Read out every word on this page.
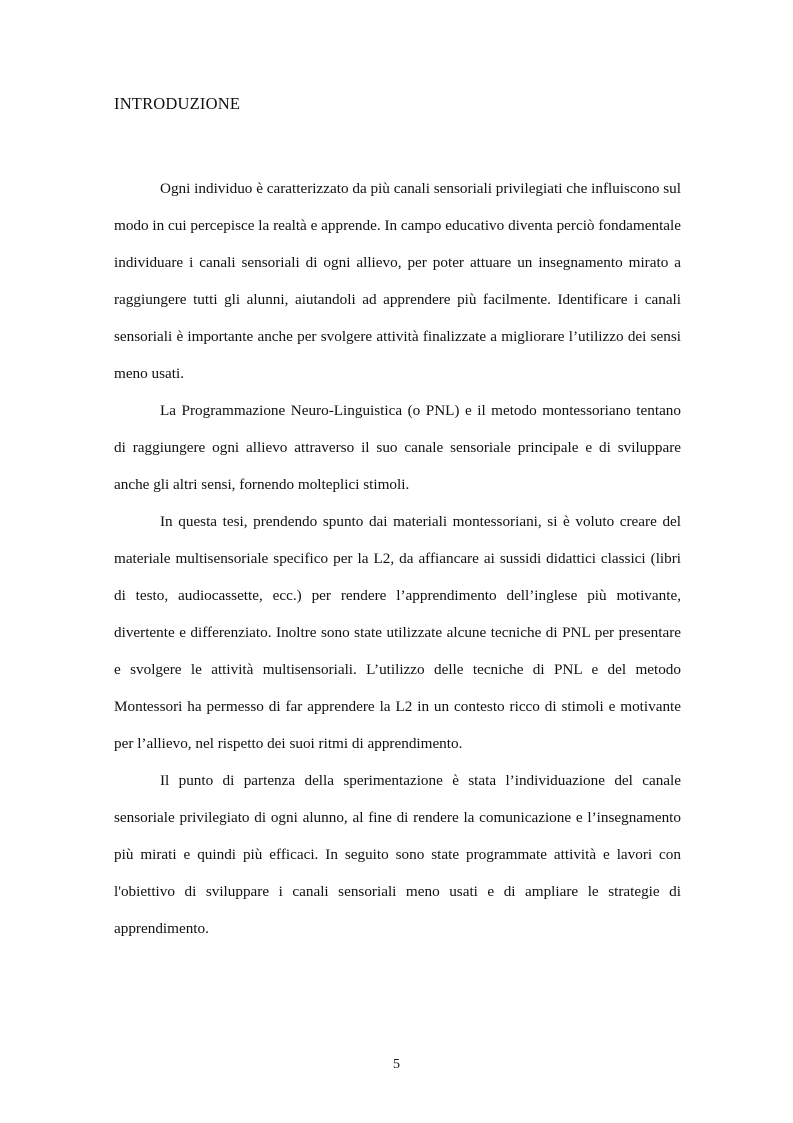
INTRODUZIONE

Ogni individuo è caratterizzato da più canali sensoriali privilegiati che influiscono sul modo in cui percepisce la realtà e apprende. In campo educativo diventa perciò fondamentale individuare i canali sensoriali di ogni allievo, per poter attuare un insegnamento mirato a raggiungere tutti gli alunni, aiutandoli ad apprendere più facilmente. Identificare i canali sensoriali è importante anche per svolgere attività finalizzate a migliorare l’utilizzo dei sensi meno usati.

La Programmazione Neuro-Linguistica (o PNL) e il metodo montessoriano tentano di raggiungere ogni allievo attraverso il suo canale sensoriale principale e di sviluppare anche gli altri sensi, fornendo molteplici stimoli.

In questa tesi, prendendo spunto dai materiali montessoriani, si è voluto creare del materiale multisensoriale specifico per la L2, da affiancare ai sussidi didattici classici (libri di testo, audiocassette, ecc.) per rendere l’apprendimento dell’inglese più motivante, divertente e differenziato. Inoltre sono state utilizzate alcune tecniche di PNL per presentare e svolgere le attività multisensoriali. L’utilizzo delle tecniche di PNL e del metodo Montessori ha permesso di far apprendere la L2 in un contesto ricco di stimoli e motivante per l’allievo, nel rispetto dei suoi ritmi di apprendimento.

Il punto di partenza della sperimentazione è stata l’individuazione del canale sensoriale privilegiato di ogni alunno, al fine di rendere la comunicazione e l’insegnamento più mirati e quindi più efficaci. In seguito sono state programmate attività e lavori con l'obiettivo di sviluppare i canali sensoriali meno usati e di ampliare le strategie di apprendimento.

5
